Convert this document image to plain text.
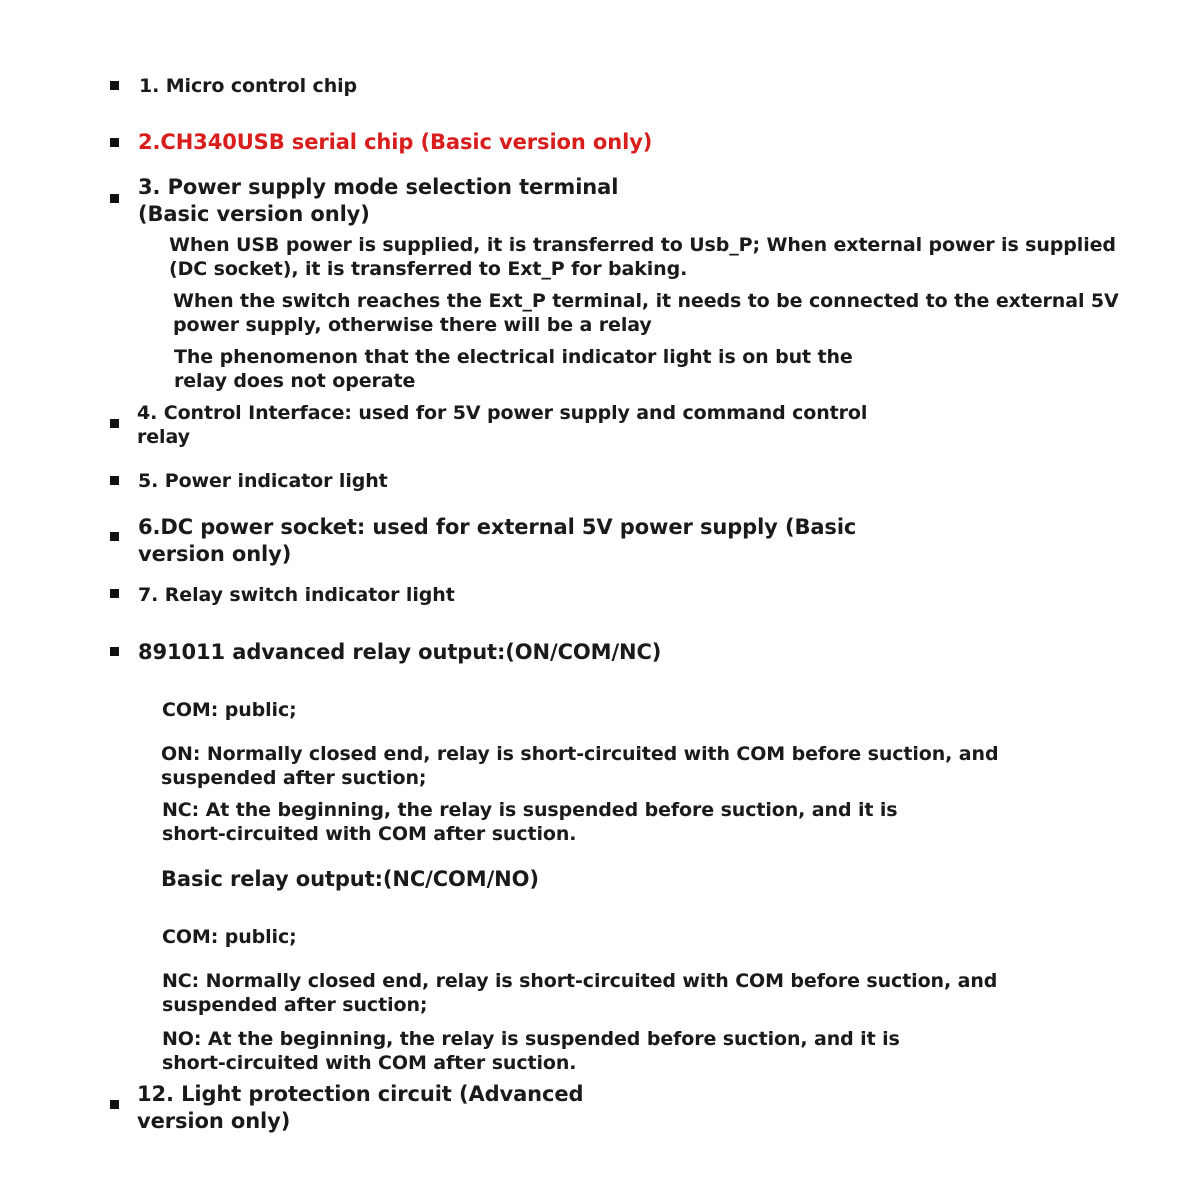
1. Micro control chip
2.CH340USB serial chip (Basic version only)
3. Power supply mode selection terminal
(Basic version only)
When USB power is supplied, it is transferred to Usb_P; When external power is supplied
(DC socket), it is transferred to Ext_P for baking.
When the switch reaches the Ext_P terminal, it needs to be connected to the external 5V
power supply, otherwise there will be a relay
The phenomenon that the electrical indicator light is on but the
relay does not operate
4. Control Interface: used for 5V power supply and command control
relay
5. Power indicator light
6.DC power socket: used for external 5V power supply (Basic
version only)
7. Relay switch indicator light
891011 advanced relay output:(ON/COM/NC)
COM: public;
ON: Normally closed end, relay is short-circuited with COM before suction, and
suspended after suction;
NC: At the beginning, the relay is suspended before suction, and it is
short-circuited with COM after suction.
Basic relay output:(NC/COM/NO)
COM: public;
NC: Normally closed end, relay is short-circuited with COM before suction, and
suspended after suction;
NO: At the beginning, the relay is suspended before suction, and it is
short-circuited with COM after suction.
12. Light protection circuit (Advanced
version only)
